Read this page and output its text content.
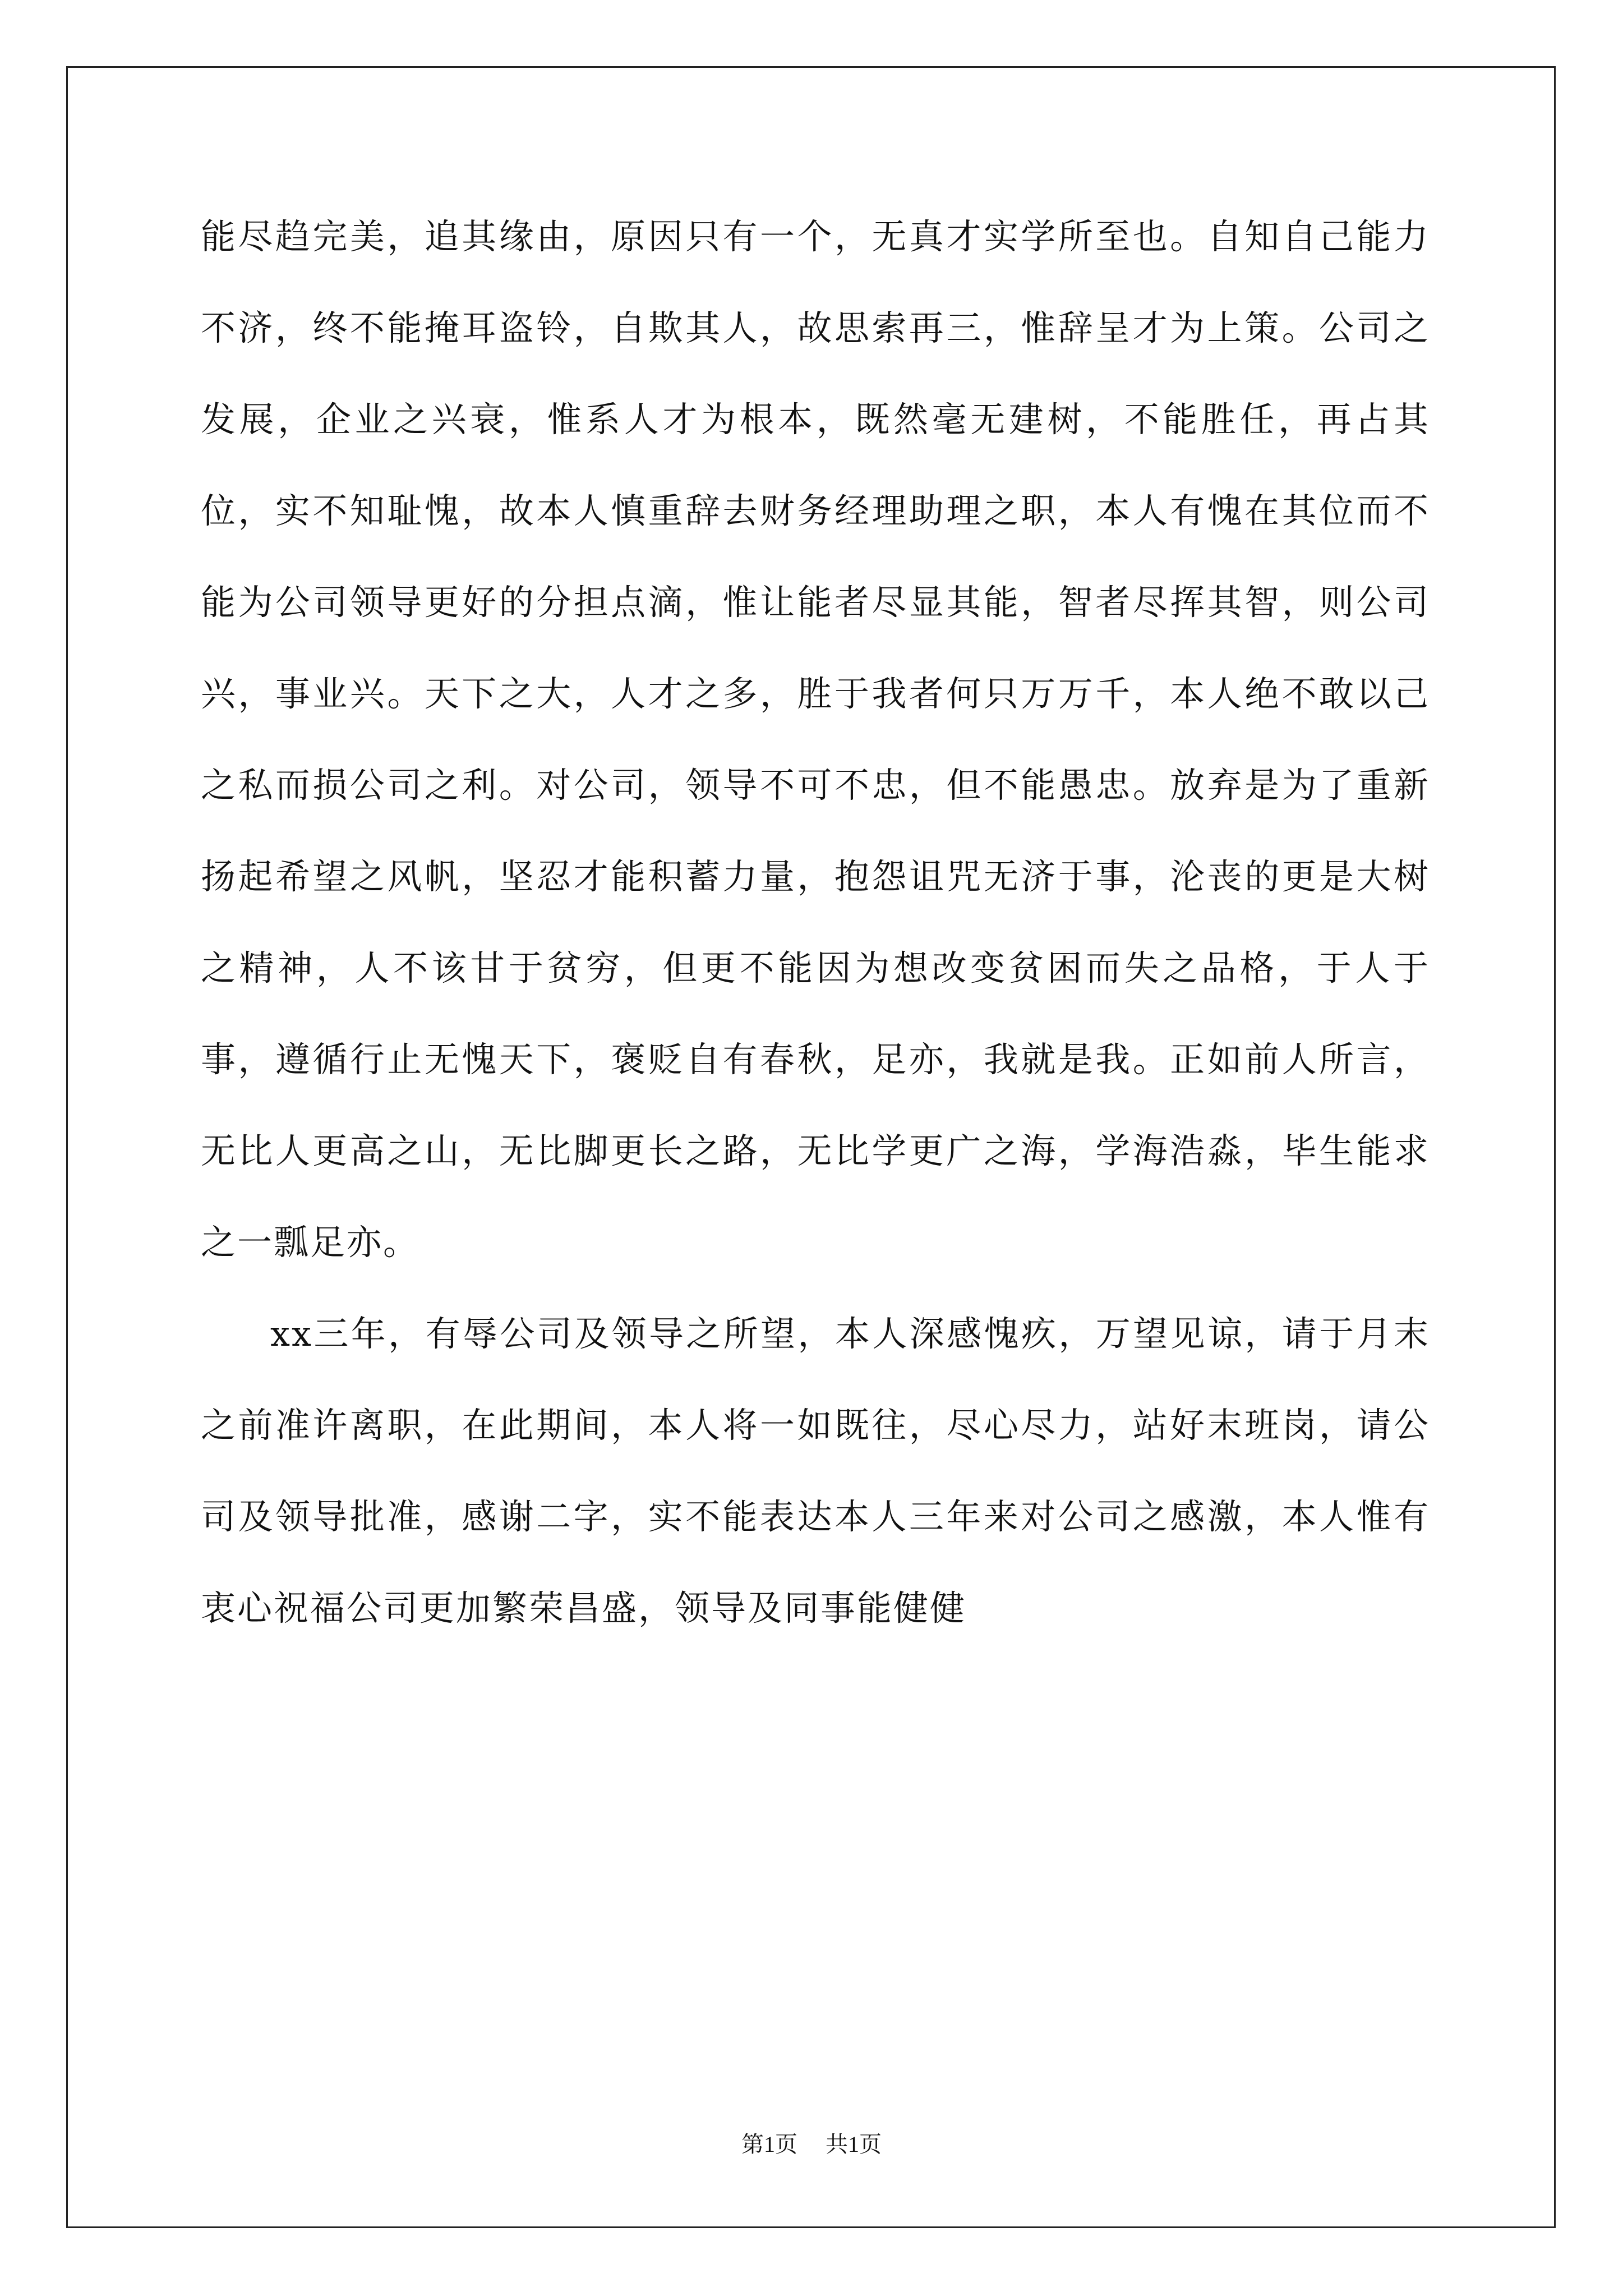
能尽趋完美，追其缘由，原因只有一个，无真才实学所至也。自知自己能力不济，终不能掩耳盗铃，自欺其人，故思索再三，惟辞呈才为上策。公司之发展，企业之兴衰，惟系人才为根本，既然毫无建树，不能胜任，再占其位，实不知耻愧，故本人慎重辞去财务经理助理之职，本人有愧在其位而不能为公司领导更好的分担点滴，惟让能者尽显其能，智者尽挥其智，则公司兴，事业兴。天下之大，人才之多，胜于我者何只万万千，本人绝不敢以己之私而损公司之利。对公司，领导不可不忠，但不能愚忠。放弃是为了重新扬起希望之风帆，坚忍才能积蓄力量，抱怨诅咒无济于事，沦丧的更是大树之精神，人不该甘于贫穷，但更不能因为想改变贫困而失之品格，于人于事，遵循行止无愧天下，褒贬自有春秋，足亦，我就是我。正如前人所言，无比人更高之山，无比脚更长之路，无比学更广之海，学海浩淼，毕生能求之一瓢足亦。

xx三年，有辱公司及领导之所望，本人深感愧疚，万望见谅，请于月末之前准许离职，在此期间，本人将一如既往，尽心尽力，站好末班岗，请公司及领导批准，感谢二字，实不能表达本人三年来对公司之感激，本人惟有衷心祝福公司更加繁荣昌盛，领导及同事能健健

第1页 共1页
